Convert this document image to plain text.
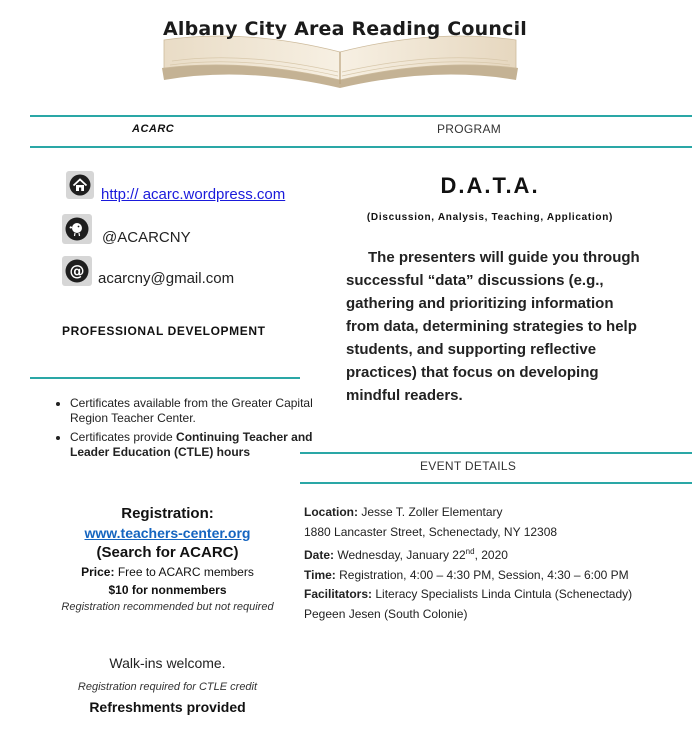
Albany City Area Reading Council
ACARC	PROGRAM
http:// acarc.wordpress.com
@ACARCNY
@ acarcny@gmail.com
PROFESSIONAL DEVELOPMENT
• Certificates available from the Greater Capital Region Teacher Center.
• Certificates provide Continuing Teacher and Leader Education (CTLE) hours
Registration:
www.teachers-center.org
(Search for ACARC)
Price: Free to ACARC members
$10 for nonmembers
Registration recommended but not required
Walk-ins welcome.
Registration required for CTLE credit
Refreshments provided
D.A.T.A.
(Discussion, Analysis, Teaching, Application)
The presenters will guide you through successful “data” discussions (e.g., gathering and prioritizing information from data, determining strategies to help students, and supporting reflective practices) that focus on developing mindful readers.
EVENT DETAILS
Location: Jesse T. Zoller Elementary
1880 Lancaster Street, Schenectady, NY 12308
Date: Wednesday, January 22nd, 2020
Time: Registration, 4:00 – 4:30 PM, Session, 4:30 – 6:00 PM
Facilitators: Literacy Specialists Linda Cintula (Schenectady)
Pegeen Jesen (South Colonie)
